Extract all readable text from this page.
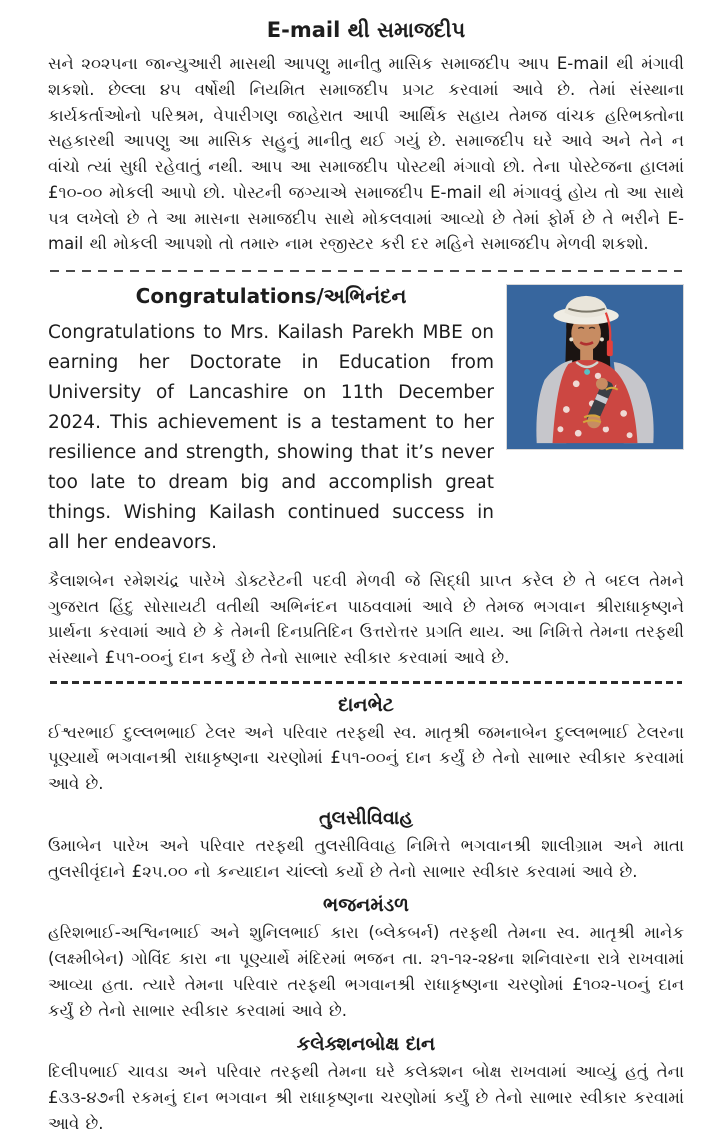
E-mail થી સમાજદીપ

સને ૨૦૨૫ના જાન્યુઆરી માસથી આપણુ માનીતુ માસિક સમાજદીપ આપ E-mail થી મંગાવી શકશો. છેલ્લા ૪૫ વર્ષોથી નિયમિત સમાજદીપ પ્રગટ કરવામાં આવે છે. તેમાં સંસ્થાના કાર્યકર્તાઓનો પરિશ્રમ, વેપારીગણ જાહેરાત આપી આર્થિક સહાય તેમજ વાંચક હરિભક્તોના સહકારથી આપણુ આ માસિક સહુનું માનીતુ થઈ ગયું છે. સમાજદીપ ઘરે આવે અને તેને ન વાંચો ત્યાં સુધી રહેવાતું નથી. આપ આ સમાજદીપ પોસ્ટથી મંગાવો છો. તેના પોસ્ટેજના હાલમાં £૧૦-૦૦ મોકલી આપો છો. પોસ્ટની જગ્યાએ સમાજદીપ E-mail થી મંગાવવું હોય તો આ સાથે પત્ર લખેલો છે તે આ માસના સમાજદીપ સાથે મોકલવામાં આવ્યો છે તેમાં ફોર્મ છે તે ભરીને E-mail થી મોકલી આપશો તો તમારુ નામ રજીસ્ટર કરી દર મહિને સમાજદીપ મેળવી શકશો.

Congratulations/અભિનંદન

Congratulations to Mrs. Kailash Parekh MBE on earning her Doctorate in Education from University of Lancashire on 11th December 2024. This achievement is a testament to her resilience and strength, showing that it’s never too late to dream big and accomplish great things. Wishing Kailash continued success in all her endeavors.

કૈલાશબેન રમેશચંદ્ર પારેખે ડોક્ટરેટની પદવી મેળવી જે સિદ્ધી પ્રાપ્ત કરેલ છે તે બદલ તેમને ગુજરાત હિંદુ સોસાયટી વતીથી અભિનંદન પાઠવવામાં આવે છે તેમજ ભગવાન શ્રીરાધાકૃષ્ણને પ્રાર્થના કરવામાં આવે છે કે તેમની દિનપ્રતિદિન ઉત્તરોત્તર પ્રગતિ થાય. આ નિમિત્તે તેમના તરફથી સંસ્થાને £૫૧-૦૦નું દાન કર્યું છે તેનો સાભાર સ્વીકાર કરવામાં આવે છે.

દાનભેટ

ઈશ્વરભાઈ દુલ્લભભાઈ ટેલર અને પરિવાર તરફથી સ્વ. માતૃશ્રી જમનાબેન દુલ્લભભાઈ ટેલરના પૂણ્યાર્થે ભગવાનશ્રી રાધાકૃષ્ણના ચરણોમાં £૫૧-૦૦નું દાન કર્યું છે તેનો સાભાર સ્વીકાર કરવામાં આવે છે.

તુલસીવિવાહ

ઉમાબેન પારેખ અને પરિવાર તરફથી તુલસીવિવાહ નિમિત્તે ભગવાનશ્રી શાલીગ્રામ અને માતા તુલસીવૃંદાને £૨૫.૦૦ નો કન્યાદાન ચાંલ્લો કર્યો છે તેનો સાભાર સ્વીકાર કરવામાં આવે છે.

ભજનમંડળ

હરિશભાઈ-અશ્વિનભાઈ અને શુનિલભાઈ કારા (બ્લેકબર્ન) તરફથી તેમના સ્વ. માતૃશ્રી માનેક (લક્ષ્મીબેન) ગોવિંદ કારા ના પૂણ્યાર્થે મંદિરમાં ભજન તા. ૨૧-૧૨-૨૪ના શનિવારના રાત્રે રાખવામાં આવ્યા હતા. ત્યારે તેમના પરિવાર તરફથી ભગવાનશ્રી રાધાકૃષ્ણના ચરણોમાં £૧૦૨-૫૦નું દાન કર્યું છે તેનો સાભાર સ્વીકાર કરવામાં આવે છે.

કલેક્શનબોક્ષ દાન

દિલીપભાઈ ચાવડા અને પરિવાર તરફથી તેમના ઘરે કલેક્શન બોક્ષ રાખવામાં આવ્યું હતું તેના £૩૩-૪૭ની રકમનું દાન ભગવાન શ્રી રાધાકૃષ્ણના ચરણોમાં કર્યું છે તેનો સાભાર સ્વીકાર કરવામાં આવે છે.
